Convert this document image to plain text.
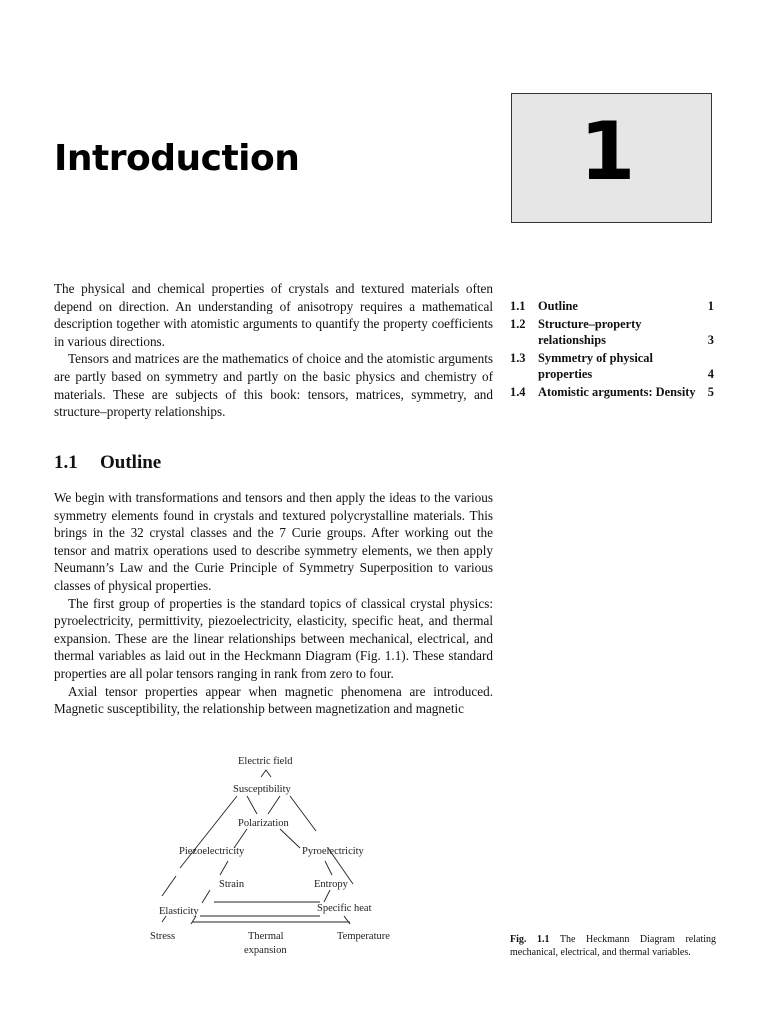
Introduction	1

The physical and chemical properties of crystals and textured materials often depend on direction. An understanding of anisotropy requires a mathematical description together with atomistic arguments to quantify the property coefficients in various directions.

Tensors and matrices are the mathematics of choice and the atomistic arguments are partly based on symmetry and partly on the basic physics and chemistry of materials. These are subjects of this book: tensors, matrices, symmetry, and structure–property relationships.

1.1	Outline	1
1.2	Structure–property relationships	3
1.3	Symmetry of physical properties	4
1.4	Atomistic arguments: Density 5
1.1 Outline

We begin with transformations and tensors and then apply the ideas to the various symmetry elements found in crystals and textured polycrystalline materials. This brings in the 32 crystal classes and the 7 Curie groups. After working out the tensor and matrix operations used to describe symmetry elements, we then apply Neumann’s Law and the Curie Principle of Symmetry Superposition to various classes of physical properties.

The first group of properties is the standard topics of classical crystal physics: pyroelectricity, permittivity, piezoelectricity, elasticity, specific heat, and thermal expansion. These are the linear relationships between mechanical, electrical, and thermal variables as laid out in the Heckmann Diagram (Fig. 1.1). These standard properties are all polar tensors ranging in rank from zero to four.

Axial tensor properties appear when magnetic phenomena are introduced. Magnetic susceptibility, the relationship between magnetization and magnetic

Electric field
Susceptibility
Polarization
Piezoelectricity	Pyroelectricity
Strain	Entropy
Elasticity	Specific heat
Stress	Thermal
expansion
Temperature	Fig. 1.1 The Heckmann Diagram relating mechanical, electrical, and thermal variables.
